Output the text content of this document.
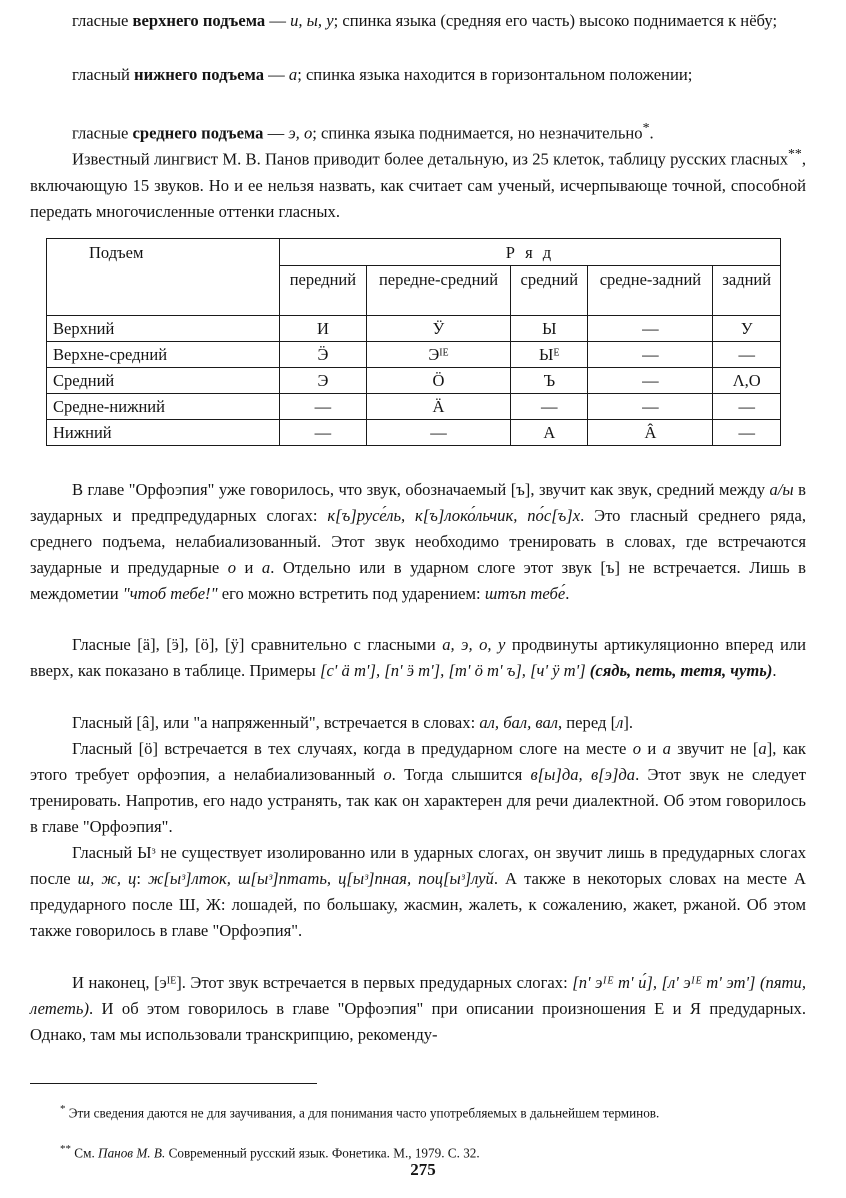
гласные верхнего подъема — и, ы, у; спинка языка (средняя его часть) высоко поднимается к нёбу;

гласный нижнего подъема — а; спинка языка находится в горизонтальном положении;

гласные среднего подъема — э, о; спинка языка поднимается, но незначительно*.

Известный лингвист М. В. Панов приводит более детальную, из 25 клеток, таблицу русских гласных**, включающую 15 звуков. Но и ее нельзя назвать, как считает сам ученый, исчерпывающе точной, способной передать многочисленные оттенки гласных.

Подъем	Р я д				
	передний	передне-средний	средний	средне-задний	задний
Верхний	И	Ӱ	Ы	—	У
Верхне-средний	Ӭ	Эᴵᴱ	Ыᴱ	—	—
Средний	Э	Ӧ	Ъ	—	Λ,О
Средне-нижний	—	Ӓ	—	—	—
Нижний	—	—	А	Â	—

В главе "Орфоэпия" уже говорилось, что звук, обозначаемый [ъ], звучит как звук, средний между а/ы в заударных и предпредударных слогах: к[ъ]русе́ль, к[ъ]локо́льчик, по́с[ъ]х. Это гласный среднего ряда, среднего подъема, нелабиализованный. Этот звук необходимо тренировать в словах, где встречаются заударные и предударные о и а. Отдельно или в ударном слоге этот звук [ъ] не встречается. Лишь в междометии "чтоб тебе!" его можно встретить под ударением: штъп тебе́.

Гласные [ӓ], [ӭ], [ӧ], [ӱ] сравнительно с гласными а, э, о, у продвинуты артикуляционно вперед или вверх, как показано в таблице. Примеры [с' ӓ т'], [п' ӭ т'], [т' ӧ т' ъ], [ч' ӱ т'] (сядь, петь, тетя, чуть).

Гласный [â], или "а напряженный", встречается в словах: ал, бал, вал, перед [л].

Гласный [ӧ] встречается в тех случаях, когда в предударном слоге на месте о и а звучит не [а], как этого требует орфоэпия, а нелабиализованный о. Тогда слышится в[ы]да, в[э]да. Этот звук не следует тренировать. Напротив, его надо устранять, так как он характерен для речи диалектной. Об этом говорилось в главе "Орфоэпия".

Гласный Ыᵌ не существует изолированно или в ударных слогах, он звучит лишь в предударных слогах после ш, ж, ц: ж[ыᵌ]лток, ш[ыᵌ]птать, ц[ыᵌ]пная, поц[ыᵌ]луй. А также в некоторых словах на месте А предударного после Ш, Ж: лошадей, по большаку, жасмин, жалеть, к сожалению, жакет, ржаной. Об этом также говорилось в главе "Орфоэпия".

И наконец, [эᴵᴱ]. Этот звук встречается в первых предударных слогах: [п' эᴵᴱ т' и́], [л' эᴵᴱ т' эт'] (пяти, лететь). И об этом говорилось в главе "Орфоэпия" при описании произношения Е и Я предударных. Однако, там мы использовали транскрипцию, рекоменду-

* Эти сведения даются не для заучивания, а для понимания часто употребляемых в дальнейшем терминов.

** См. Панов М. В. Современный русский язык. Фонетика. М., 1979. С. 32.

275
